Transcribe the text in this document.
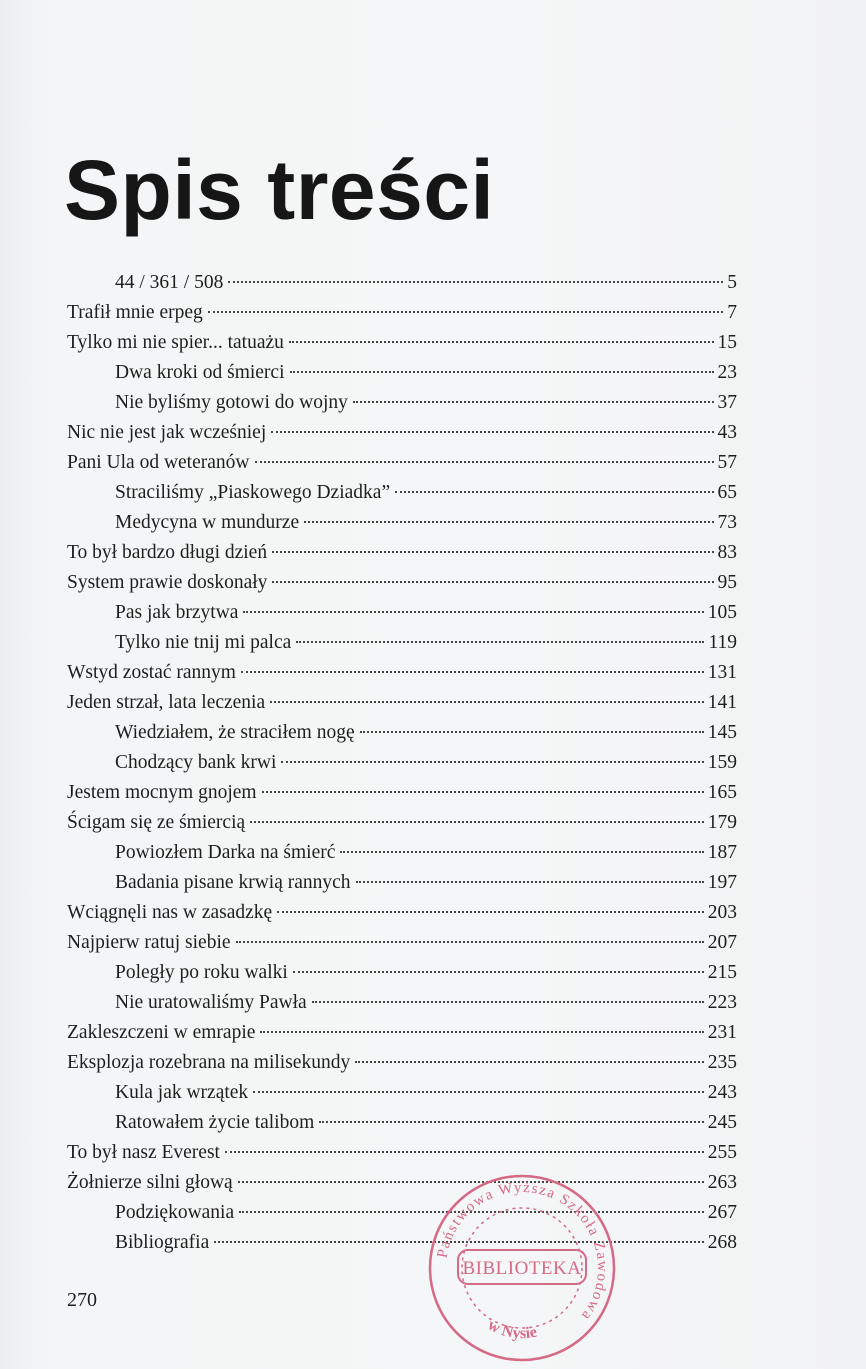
Spis treści
44 / 361 / 508	5
Trafił mnie erpeg	7
Tylko mi nie spier... tatuażu	15
Dwa kroki od śmierci	23
Nie byliśmy gotowi do wojny	37
Nic nie jest jak wcześniej	43
Pani Ula od weteranów	57
Straciliśmy „Piaskowego Dziadka”	65
Medycyna w mundurze	73
To był bardzo długi dzień	83
System prawie doskonały	95
Pas jak brzytwa	105
Tylko nie tnij mi palca	119
Wstyd zostać rannym	131
Jeden strzał, lata leczenia	141
Wiedziałem, że straciłem nogę	145
Chodzący bank krwi	159
Jestem mocnym gnojem	165
Ścigam się ze śmiercią	179
Powiozłem Darka na śmierć	187
Badania pisane krwią rannych	197
Wciągnęli nas w zasadzkę	203
Najpierw ratuj siebie	207
Poległy po roku walki	215
Nie uratowaliśmy Pawła	223
Zakleszczeni w emrapie	231
Eksplozja rozebrana na milisekundy	235
Kula jak wrzątek	243
Ratowałem życie talibom	245
To był nasz Everest	255
Żołnierze silni głową	263
Podziękowania	267
Bibliografia	268
270
Państwowa Wyższa Szkoła Zawodowa
BIBLIOTEKA
w Nysie
